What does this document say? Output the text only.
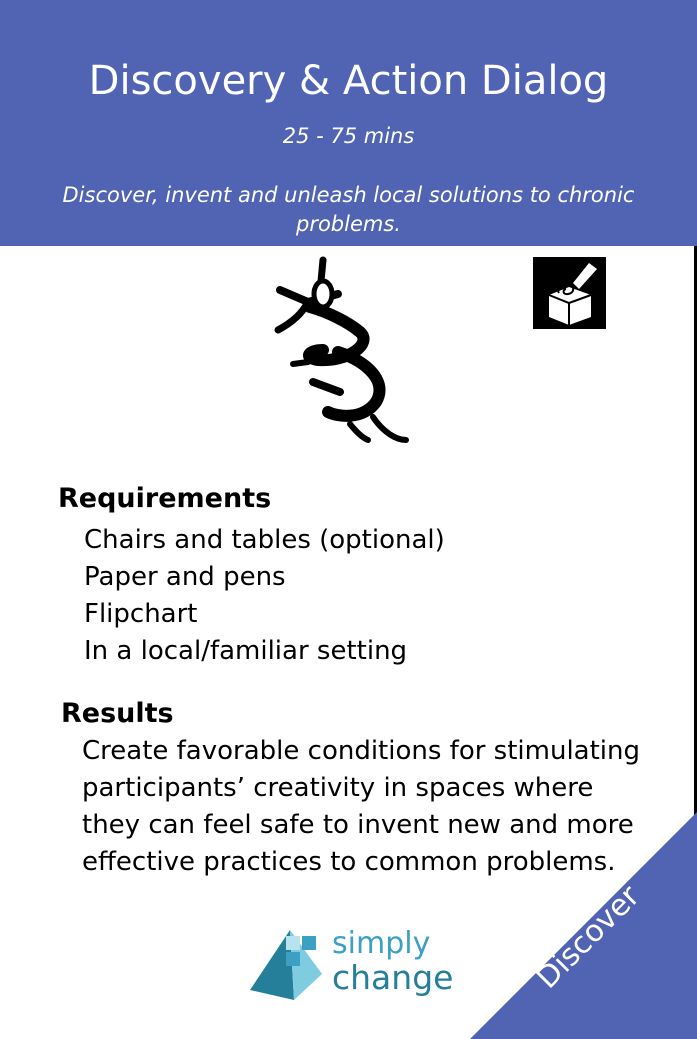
Discovery & Action Dialog
25 - 75 mins
Discover, invent and unleash local solutions to chronic problems.
Requirements
Chairs and tables (optional)
Paper and pens
Flipchart
In a local/familiar setting
Results
Create favorable conditions for stimulating participants’ creativity in spaces where they can feel safe to invent new and more effective practices to common problems.
simply
change	Discover
